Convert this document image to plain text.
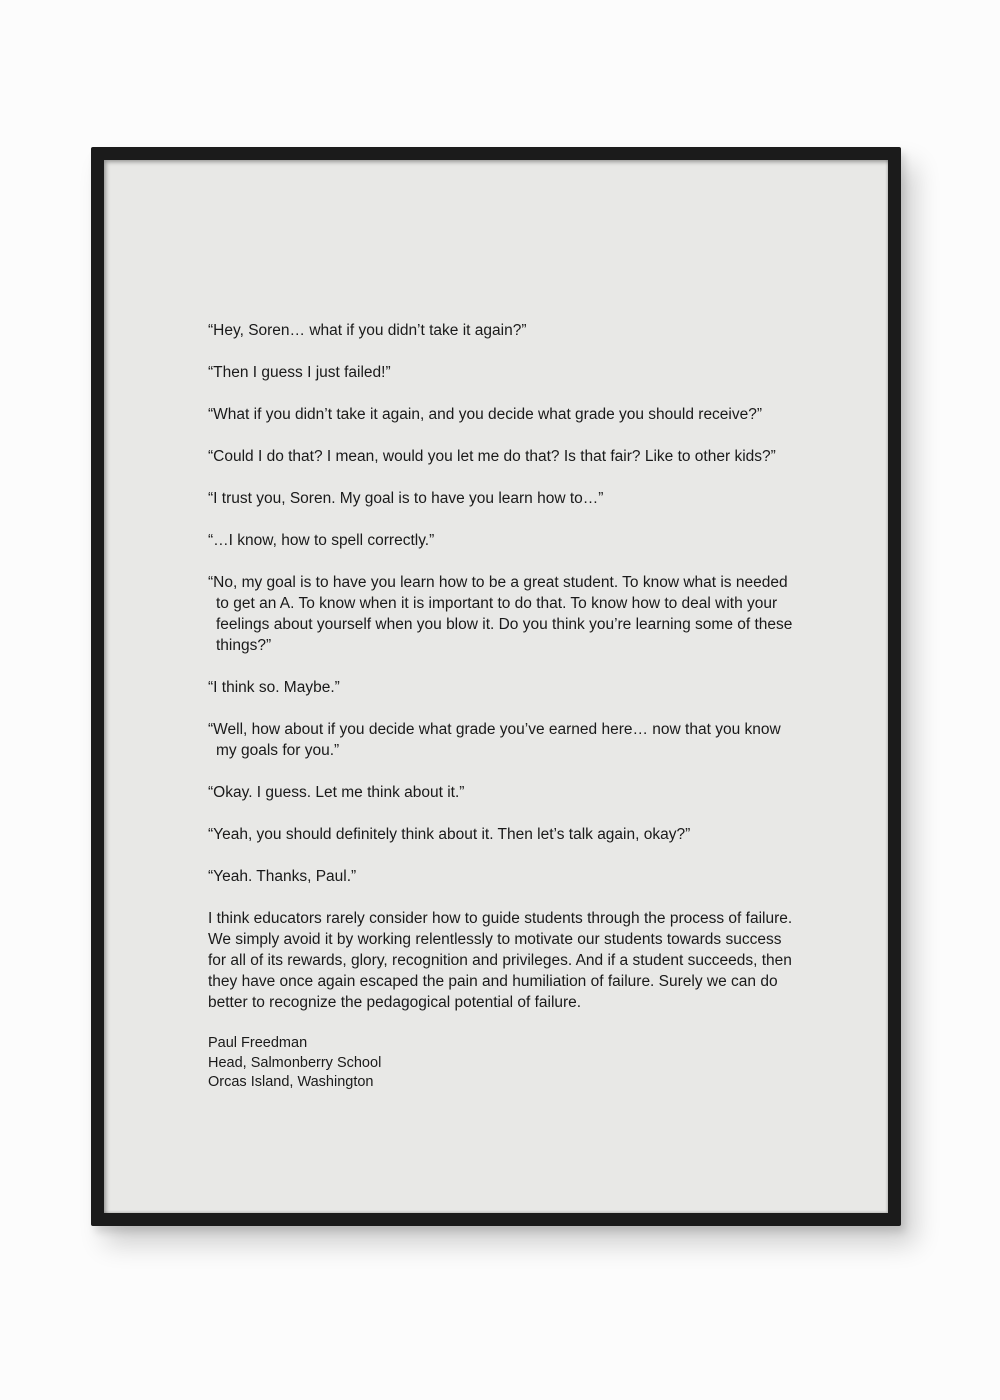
“Hey, Soren… what if you didn’t take it again?”

“Then I guess I just failed!”

“What if you didn’t take it again, and you decide what grade you should receive?”

“Could I do that? I mean, would you let me do that? Is that fair? Like to other kids?”

“I trust you, Soren. My goal is to have you learn how to…”

“…I know, how to spell correctly.”

“No, my goal is to have you learn how to be a great student. To know what is needed to get an A. To know when it is important to do that. To know how to deal with your feelings about yourself when you blow it. Do you think you’re learning some of these things?”

“I think so. Maybe.”

“Well, how about if you decide what grade you’ve earned here… now that you know my goals for you.”

“Okay. I guess. Let me think about it.”

“Yeah, you should definitely think about it. Then let’s talk again, okay?”

“Yeah. Thanks, Paul.”

I think educators rarely consider how to guide students through the process of failure. We simply avoid it by working relentlessly to motivate our students towards success for all of its rewards, glory, recognition and privileges. And if a student succeeds, then they have once again escaped the pain and humiliation of failure. Surely we can do better to recognize the pedagogical potential of failure.

Paul Freedman
Head, Salmonberry School
Orcas Island, Washington
